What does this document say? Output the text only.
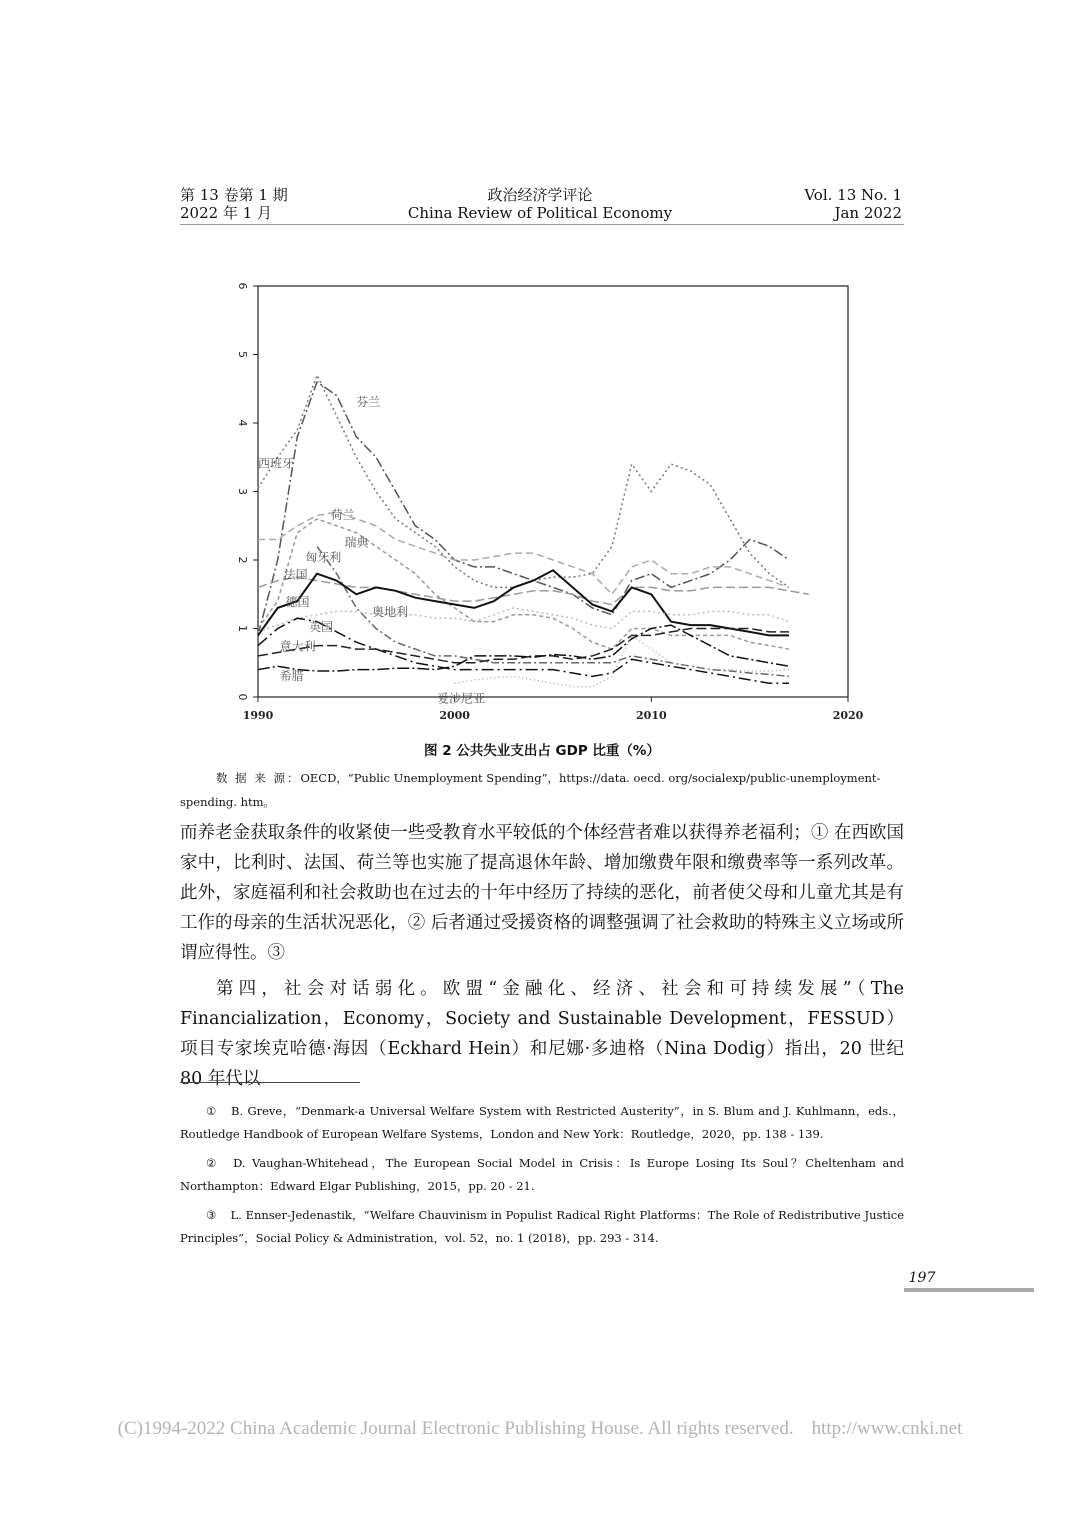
第 13 卷第 1 期
2022 年 1 月
政治经济学评论
China Review of Political Economy
Vol. 13 No. 1
Jan 2022
0
1
2
3
4
5
6
1990	2000	2010	2020
芬兰
西班牙
荷兰
瑞典
匈牙利
法国
德国
奥地利
英国
意大利
希腊
爱沙尼亚
图 2 公共失业支出占 GDP 比重（%）
数 据 来 源：OECD，“Public Unemployment Spending”，https://data. oecd. org/socialexp/public-unemployment-spending. htm。

而养老金获取条件的收紧使一些受教育水平较低的个体经营者难以获得养老福利；① 在西欧国家中，比利时、法国、荷兰等也实施了提高退休年龄、增加缴费年限和缴费率等一系列改革。此外，家庭福利和社会救助也在过去的十年中经历了持续的恶化，前者使父母和儿童尤其是有工作的母亲的生活状况恶化，② 后者通过受援资格的调整强调了社会救助的特殊主义立场或所谓应得性。③

第四，社会对话弱化。欧盟“金融化、经济、社会和可持续发展”（The Financialization，Economy，Society and Sustainable Development，FESSUD）项目专家埃克哈德·海因（Eckhard Hein）和尼娜·多迪格（Nina Dodig）指出，20 世纪 80 年代以

① B. Greve，“Denmark-a Universal Welfare System with Restricted Austerity”，in S. Blum and J. Kuhlmann，eds.，Routledge Handbook of European Welfare Systems，London and New York：Routledge，2020，pp. 138 - 139.

② D. Vaughan-Whitehead，The European Social Model in Crisis：Is Europe Losing Its Soul？Cheltenham and Northampton：Edward Elgar Publishing，2015，pp. 20 - 21.

③ L. Ennser-Jedenastik，“Welfare Chauvinism in Populist Radical Right Platforms：The Role of Redistributive Justice Principles”，Social Policy & Administration，vol. 52，no. 1 (2018)，pp. 293 - 314.

197
(C)1994-2022 China Academic Journal Electronic Publishing House. All rights reserved. http://www.cnki.net
